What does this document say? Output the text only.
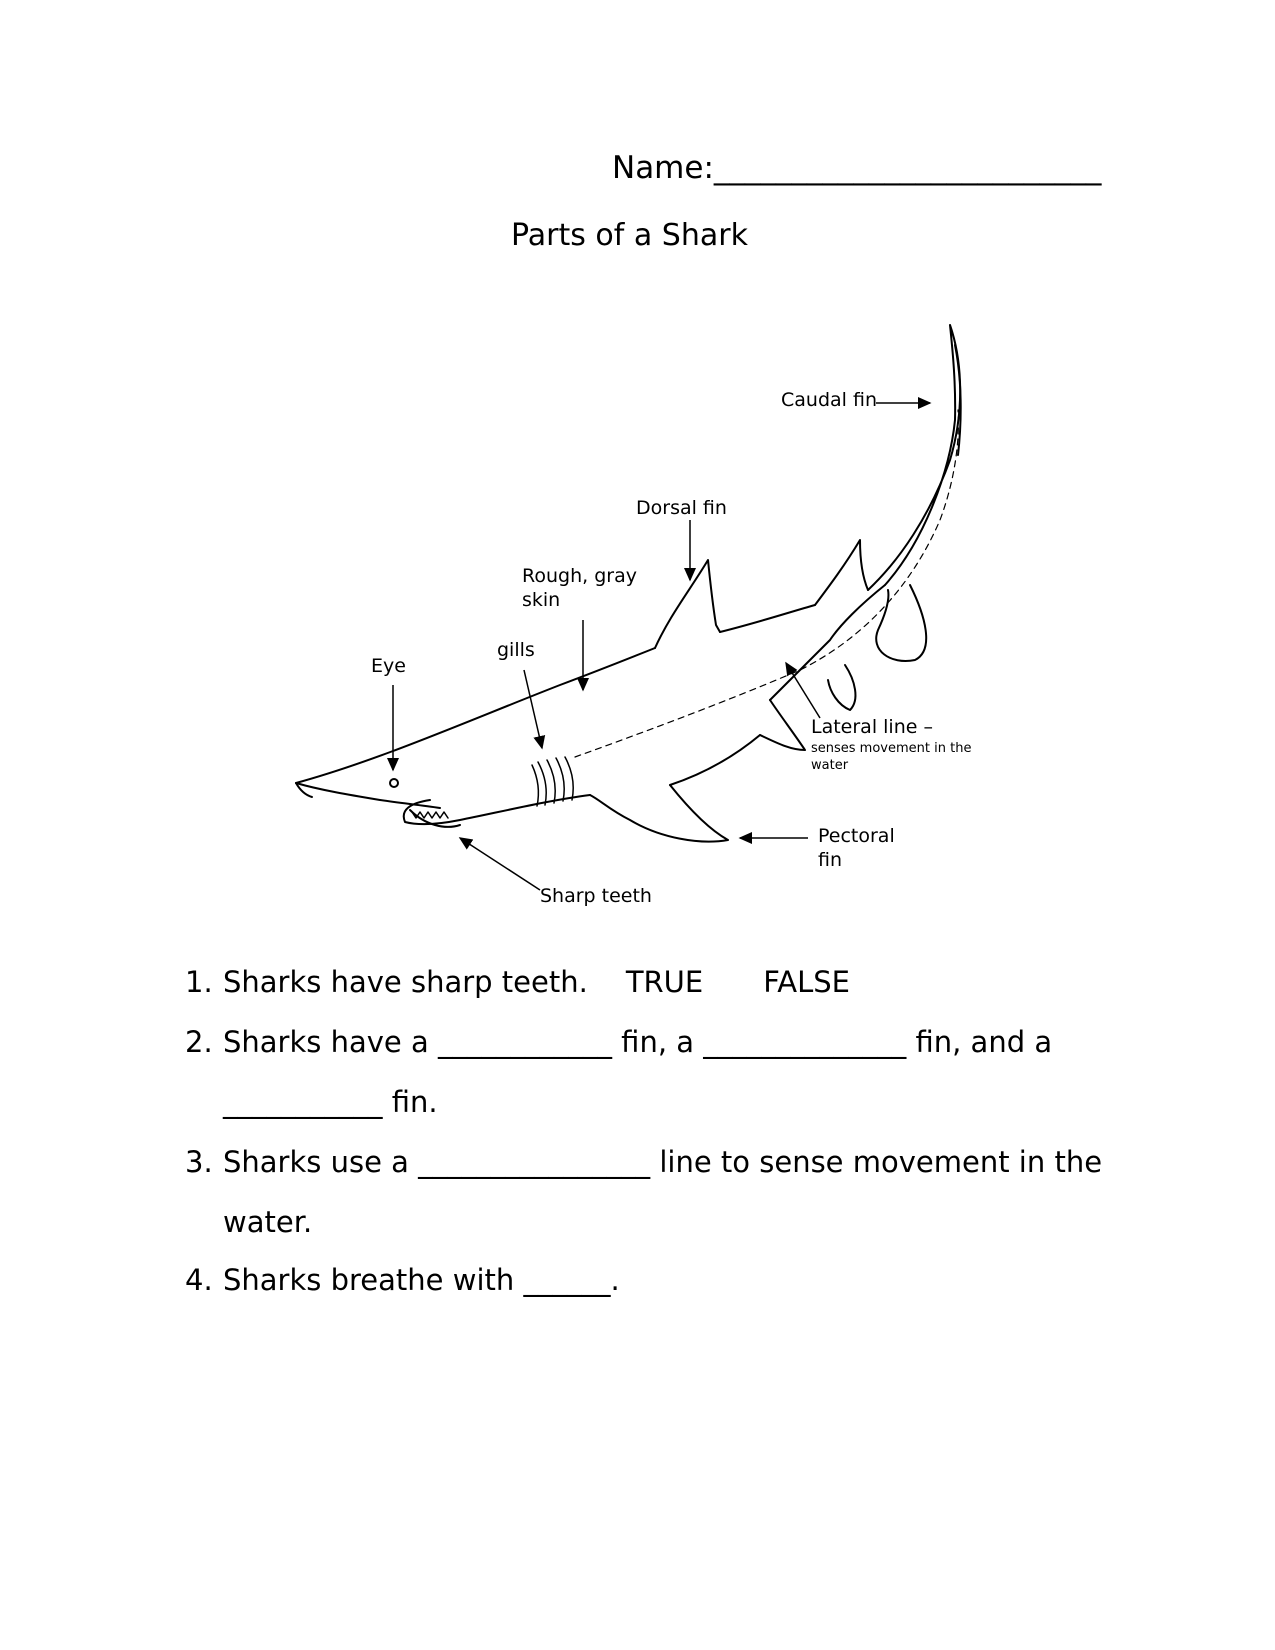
Name:_________________________
Parts of a Shark
Caudal fin
Dorsal fin
Rough, gray
skin
gills
Eye
Lateral line –
senses movement in the
water
Pectoral
fin
Sharp teeth
1. Sharks have sharp teeth. TRUE FALSE
2. Sharks have a ____________ fin, a ______________ fin, and a
___________ fin.
3. Sharks use a ________________ line to sense movement in the
water.
4. Sharks breathe with ______.
